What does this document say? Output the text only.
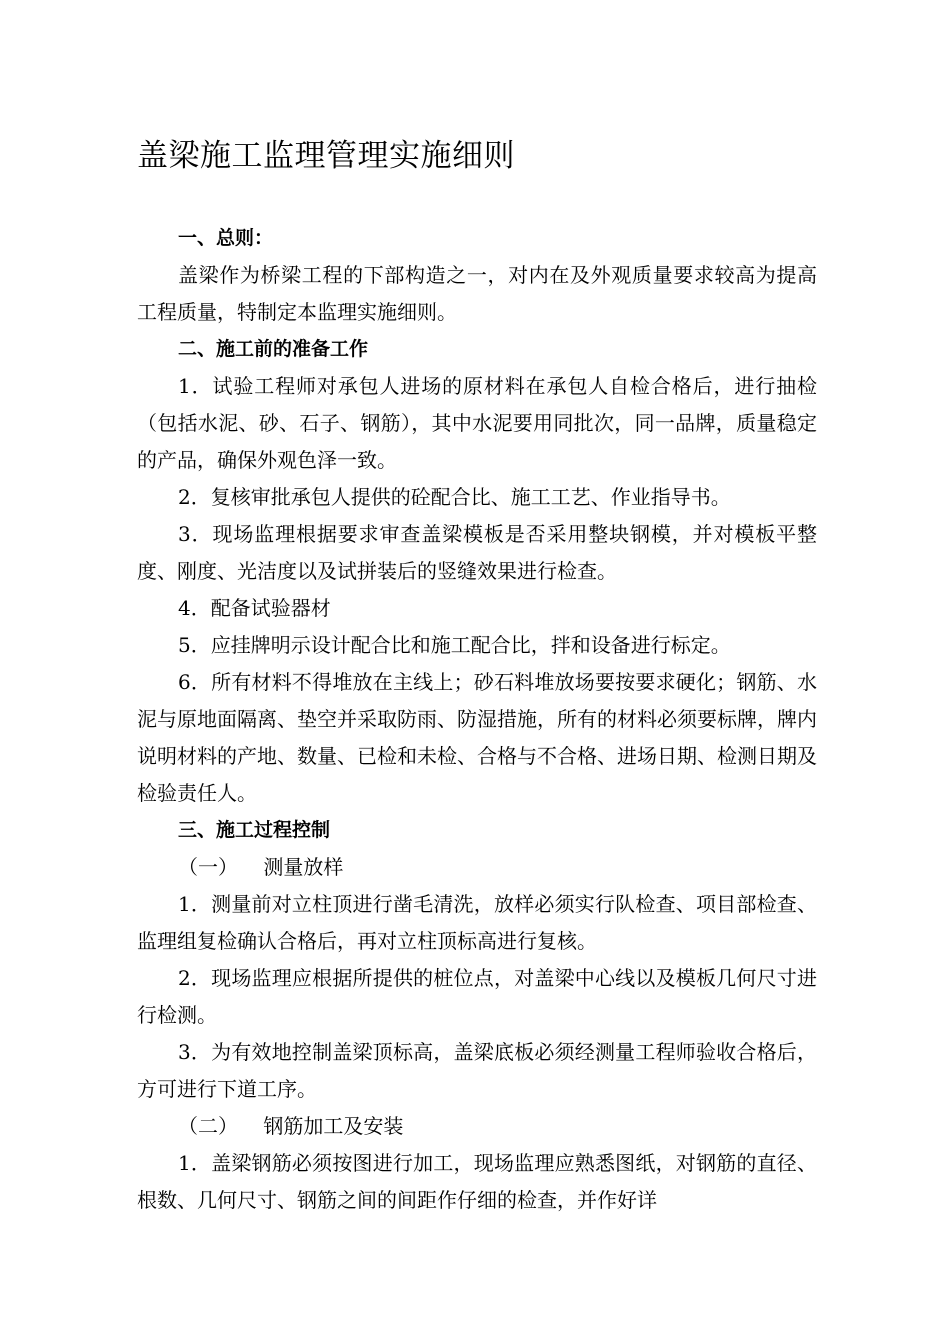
盖梁施工监理管理实施细则

一、总则：

盖梁作为桥梁工程的下部构造之一，对内在及外观质量要求较高为提高工程质量，特制定本监理实施细则。

二、施工前的准备工作

1．试验工程师对承包人进场的原材料在承包人自检合格后，进行抽检（包括水泥、砂、石子、钢筋），其中水泥要用同批次，同一品牌，质量稳定的产品，确保外观色泽一致。

2．复核审批承包人提供的砼配合比、施工工艺、作业指导书。

3．现场监理根据要求审查盖梁模板是否采用整块钢模，并对模板平整度、刚度、光洁度以及试拼装后的竖缝效果进行检查。

4．配备试验器材

5．应挂牌明示设计配合比和施工配合比，拌和设备进行标定。

6．所有材料不得堆放在主线上；砂石料堆放场要按要求硬化；钢筋、水泥与原地面隔离、垫空并采取防雨、防湿措施，所有的材料必须要标牌，牌内说明材料的产地、数量、已检和未检、合格与不合格、进场日期、检测日期及检验责任人。

三、施工过程控制

（一）    测量放样

1．测量前对立柱顶进行凿毛清洗，放样必须实行队检查、项目部检查、监理组复检确认合格后，再对立柱顶标高进行复核。

2．现场监理应根据所提供的桩位点，对盖梁中心线以及模板几何尺寸进行检测。

3．为有效地控制盖梁顶标高，盖梁底板必须经测量工程师验收合格后，方可进行下道工序。

（二）    钢筋加工及安装

1．盖梁钢筋必须按图进行加工，现场监理应熟悉图纸，对钢筋的直径、根数、几何尺寸、钢筋之间的间距作仔细的检查，并作好详
